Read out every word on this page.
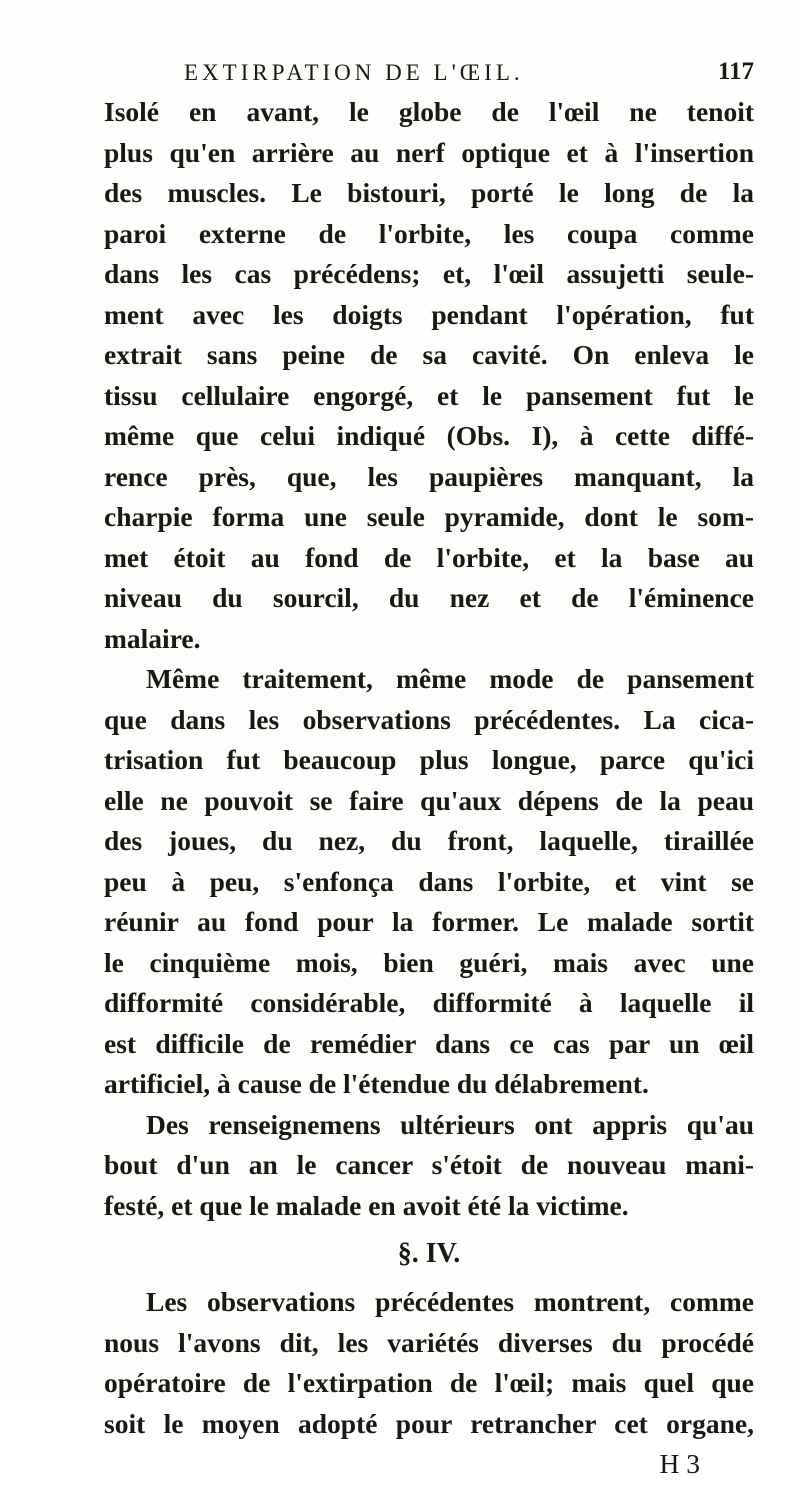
EXTIRPATION DE L'ŒIL.	117
Isolé en avant, le globe de l'œil ne tenoit
plus qu'en arrière au nerf optique et à l'insertion
des muscles. Le bistouri, porté le long de la
paroi externe de l'orbite, les coupa comme
dans les cas précédens; et, l'œil assujetti seule-
ment avec les doigts pendant l'opération, fut
extrait sans peine de sa cavité. On enleva le
tissu cellulaire engorgé, et le pansement fut le
même que celui indiqué (Obs. I), à cette diffé-
rence près, que, les paupières manquant, la
charpie forma une seule pyramide, dont le som-
met étoit au fond de l'orbite, et la base au
niveau du sourcil, du nez et de l'éminence
malaire.
Même traitement, même mode de pansement
que dans les observations précédentes. La cica-
trisation fut beaucoup plus longue, parce qu'ici
elle ne pouvoit se faire qu'aux dépens de la peau
des joues, du nez, du front, laquelle, tiraillée
peu à peu, s'enfonça dans l'orbite, et vint se
réunir au fond pour la former. Le malade sortit
le cinquième mois, bien guéri, mais avec une
difformité considérable, difformité à laquelle il
est difficile de remédier dans ce cas par un œil
artificiel, à cause de l'étendue du délabrement.
Des renseignemens ultérieurs ont appris qu'au
bout d'un an le cancer s'étoit de nouveau mani-
festé, et que le malade en avoit été la victime.
§. IV.
Les observations précédentes montrent, comme
nous l'avons dit, les variétés diverses du procédé
opératoire de l'extirpation de l'œil; mais quel que
soit le moyen adopté pour retrancher cet organe,
H 3
